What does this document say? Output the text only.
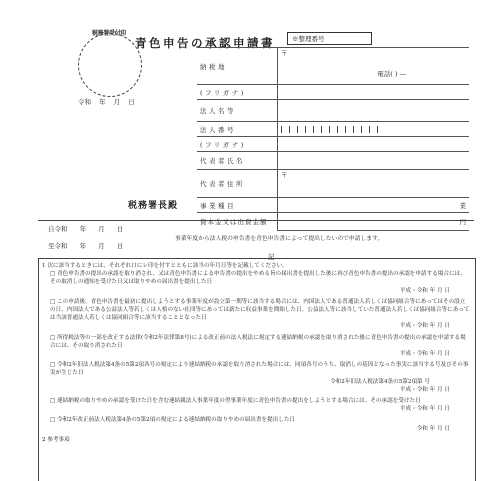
税務署受付印
青色申告の承認申請書	※整理番号
令和 年 月 日
税務署長殿
納税地	〒
電話( ) ―

(フリガナ)	
法人名等	
法人番号	
(フリガナ)	
代表者氏名	
代表者住所	〒
事業種目	業
資本金又は出資金額	円
自令和 年 月 日
至令和 年 月 日
事業年度から法人税の申告書を青色申告書によって提出したいので申請します。
記
1 次に該当するときには、それぞれ口にレ印を付すとともに該当の年月日等を記載してください。
□ 青色申告書の提出の承認を取り消され、又は青色申告書による申告書の提出をやめる旨の届出書を提出した後に再び青色申告書の提出の承認を申請する場合には、その取消しの通知を受けた日又は取りやめの届出書を提出した日
平成・令和 年 月 日
□ この申請後、青色申告書を最初に提出しようとする事業年度が設立第一期等に該当する場合には、内国法人である普通法人若しくは協同組合等にあってはその設立の日、内国法人である公益法人等若しくは人格のない社団等にあっては新たに収益事業を開始した日、公益法人等に該当していた普通法人若しくは協同組合等にあっては当該普通法人若しくは協同組合等に該当することとなった日
平成・令和 年 月 日
□ 所得税法等の一部を改正する法律(令和2年法律第8号)による改正前の法人税法に規定する連結納税の承認を取り消された後に青色申告書の提出の承認を申請する場合には、その取り消された日
平成・令和 年 月 日
□ 令和2年旧法人税法第4条の5第2項各号の規定により連結納税の承認を取り消された場合には、同項各号のうち、取消しの基因となった事実に該当する号及びその事実が生じた日
令和2年旧法人税法第4条の5第2項第 号
平成・令和 年 月 日
□ 連結納税の取りやめの承認を受けた日を含む連結親法人事業年度の翌事業年度に青色申告書の提出をしようとする場合には、その承認を受けた日
平成・令和 年 月 日
□ 令和2年改正前法人税法第4条の5第2項の規定による連結納税の取りやめの届出書を提出した日
令和 年 月 日
2 参考事項
